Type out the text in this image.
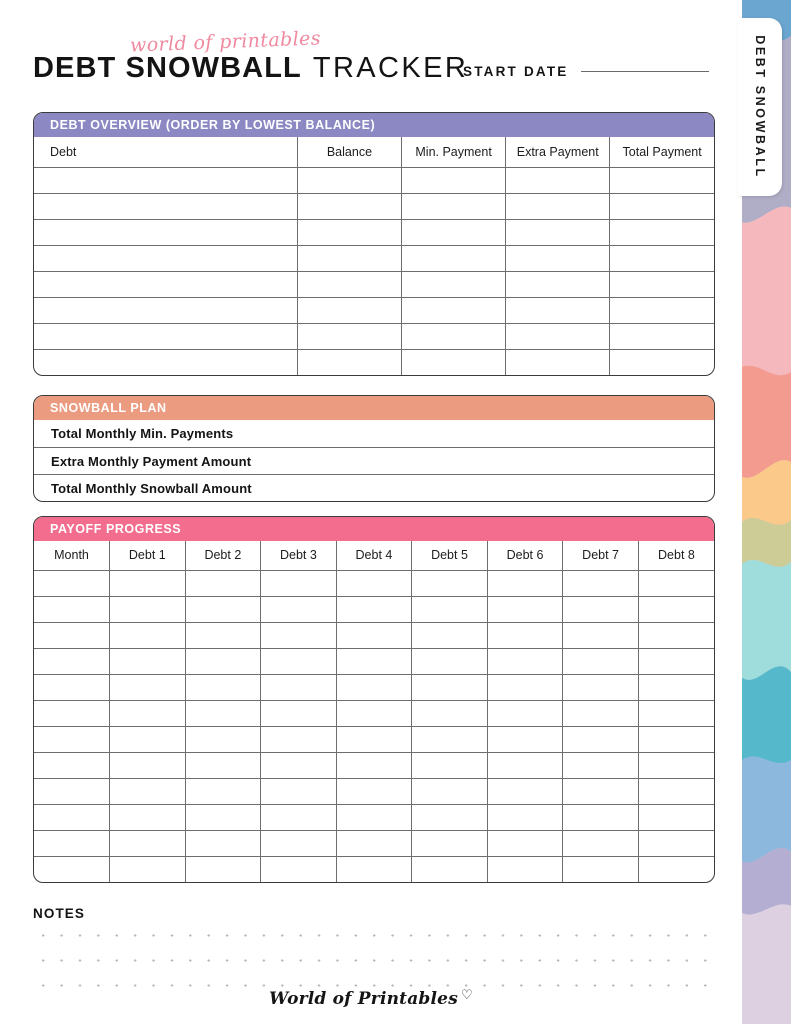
DEBT SNOWBALL
world of printables
DEBT SNOWBALL TRACKER
START DATE
DEBT OVERVIEW (ORDER BY LOWEST BALANCE)
Debt	Balance	Min. Payment	Extra Payment	Total Payment

SNOWBALL PLAN
Total Monthly Min. Payments
Extra Monthly Payment Amount
Total Monthly Snowball Amount
PAYOFF PROGRESS
Month	Debt 1	Debt 2	Debt 3	Debt 4	Debt 5	Debt 6	Debt 7	Debt 8

NOTES
World of Printables ♡
